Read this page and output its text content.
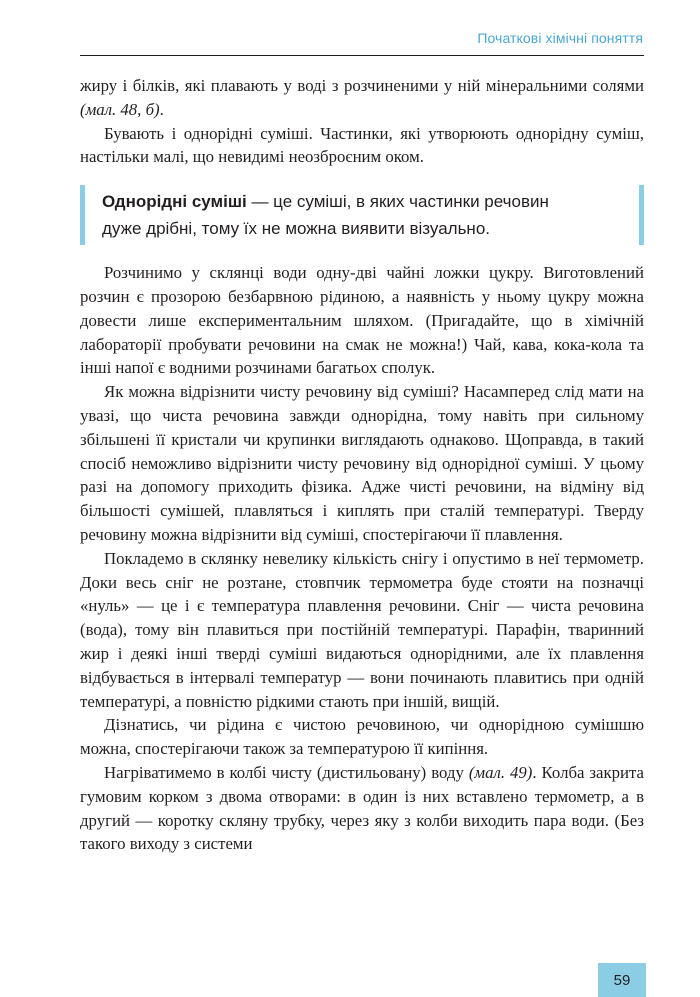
Початкові хімічні поняття

жиру і білків, які плавають у воді з розчиненими у ній мінеральними солями (мал. 48, б).

Бувають і однорідні суміші. Частинки, які утворюють однорідну суміш, настільки малі, що невидимі неозброєним оком.

Однорідні суміші — це суміші, в яких частинки речовин
дуже дрібні, тому їх не можна виявити візуально.

Розчинимо у склянці води одну-дві чайні ложки цукру. Виготовлений розчин є прозорою безбарвною рідиною, а наявність у ньому цукру можна довести лише експериментальним шляхом. (Пригадайте, що в хімічній лабораторії пробувати речовини на смак не можна!) Чай, кава, кока-кола та інші напої є водними розчинами багатьох сполук.

Як можна відрізнити чисту речовину від суміші? Насамперед слід мати на увазі, що чиста речовина завжди однорідна, тому навіть при сильному збільшені її кристали чи крупинки виглядають однаково. Щоправда, в такий спосіб неможливо відрізнити чисту речовину від однорідної суміші. У цьому разі на допомогу приходить фізика. Адже чисті речовини, на відміну від більшості сумішей, плавляться і киплять при сталій температурі. Тверду речовину можна відрізнити від суміші, спостерігаючи її плавлення.

Покладемо в склянку невелику кількість снігу і опустимо в неї термометр. Доки весь сніг не розтане, стовпчик термометра буде стояти на позначці «нуль» — це і є температура плавлення речовини. Сніг — чиста речовина (вода), тому він плавиться при постійній температурі. Парафін, тваринний жир і деякі інші тверді суміші видаються однорідними, але їх плавлення відбувається в інтервалі температур — вони починають плавитись при одній температурі, а повністю рідкими стають при іншій, вищій.

Дізнатись, чи рідина є чистою речовиною, чи однорідною сумішшю можна, спостерігаючи також за температурою її кипіння.

Нагріватимемо в колбі чисту (дистильовану) воду (мал. 49). Колба закрита гумовим корком з двома отворами: в один із них вставлено термометр, а в другий — коротку скляну трубку, через яку з колби виходить пара води. (Без такого виходу з системи

59
